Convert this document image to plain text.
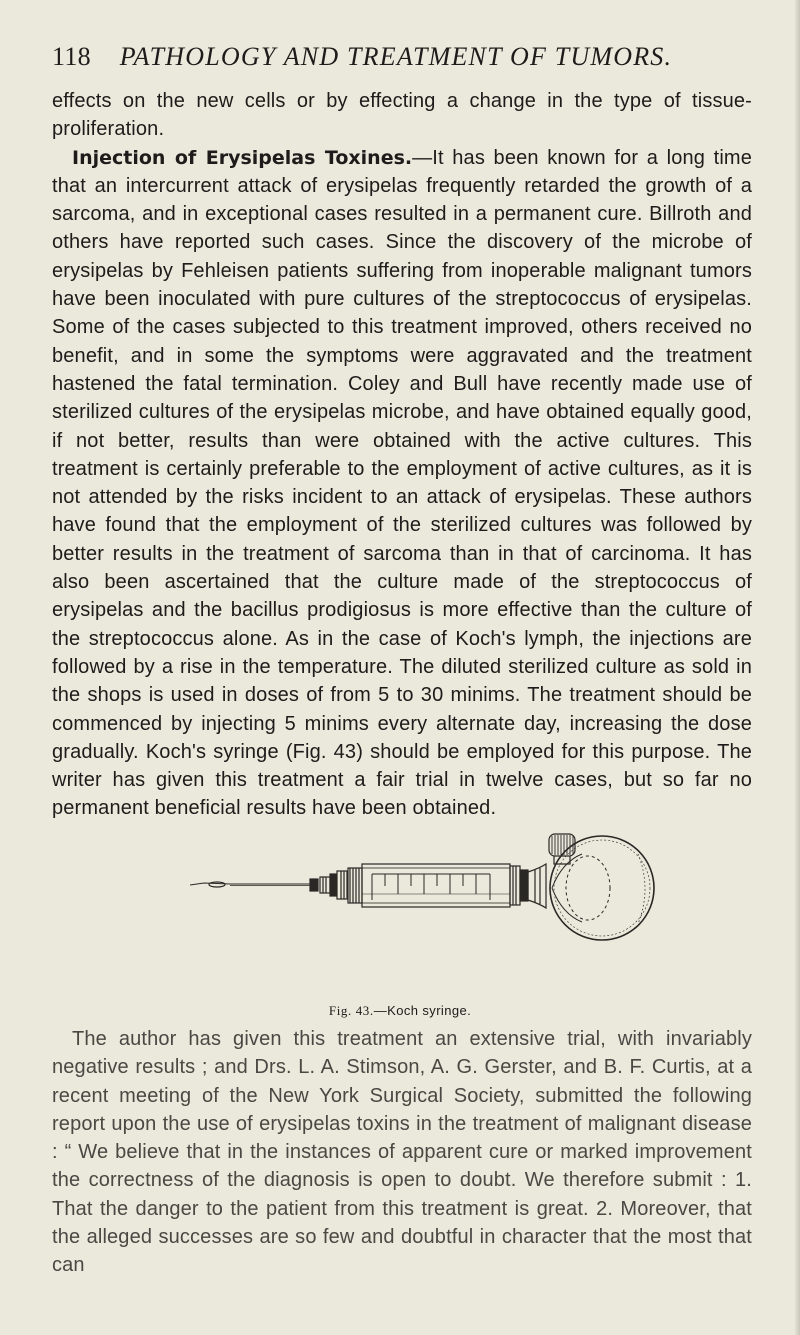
118 PATHOLOGY AND TREATMENT OF TUMORS.

effects on the new cells or by effecting a change in the type of tissue-proliferation.

Injection of Erysipelas Toxines.—It has been known for a long time that an intercurrent attack of erysipelas frequently retarded the growth of a sarcoma, and in exceptional cases resulted in a permanent cure. Billroth and others have reported such cases. Since the discovery of the microbe of erysipelas by Fehleisen patients suffering from inoperable malignant tumors have been inoculated with pure cultures of the streptococcus of erysipelas. Some of the cases subjected to this treatment improved, others received no benefit, and in some the symptoms were aggravated and the treatment hastened the fatal termination. Coley and Bull have recently made use of sterilized cultures of the erysipelas microbe, and have obtained equally good, if not better, results than were obtained with the active cultures. This treatment is certainly preferable to the employment of active cultures, as it is not attended by the risks incident to an attack of erysipelas. These authors have found that the employment of the sterilized cultures was followed by better results in the treatment of sarcoma than in that of carcinoma. It has also been ascertained that the culture made of the streptococcus of erysipelas and the bacillus prodigiosus is more effective than the culture of the streptococcus alone. As in the case of Koch's lymph, the injections are followed by a rise in the temperature. The diluted sterilized culture as sold in the shops is used in doses of from 5 to 30 minims. The treatment should be commenced by injecting 5 minims every alternate day, increasing the dose gradually. Koch's syringe (Fig. 43) should be employed for this purpose. The writer has given this treatment a fair trial in twelve cases, but so far no permanent beneficial results have been obtained.

Fig. 43.—Koch syringe.

The author has given this treatment an extensive trial, with invariably negative results ; and Drs. L. A. Stimson, A. G. Gerster, and B. F. Curtis, at a recent meeting of the New York Surgical Society, submitted the following report upon the use of erysipelas toxins in the treatment of malignant disease : “ We believe that in the instances of apparent cure or marked improvement the correctness of the diagnosis is open to doubt. We therefore submit : 1. That the danger to the patient from this treatment is great. 2. Moreover, that the alleged successes are so few and doubtful in character that the most that can
